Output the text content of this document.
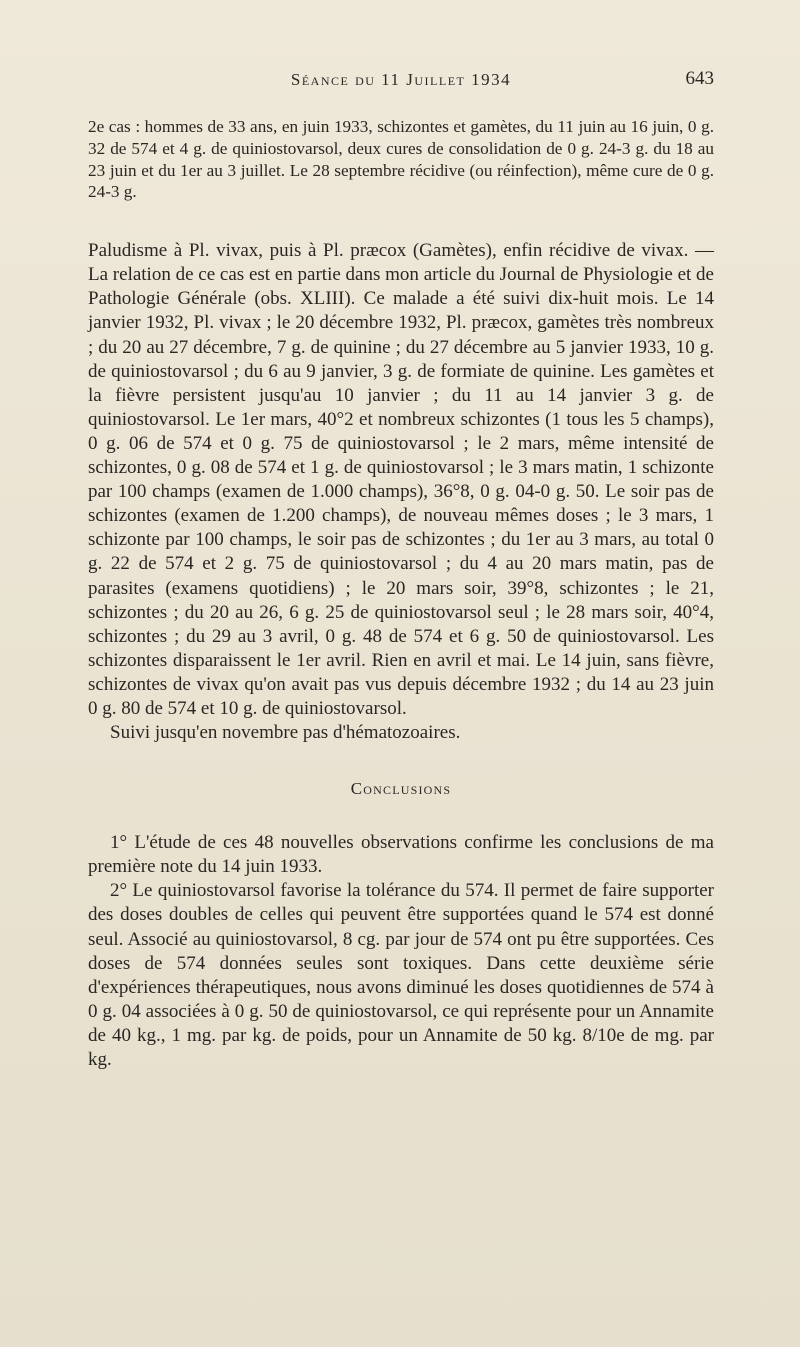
Séance du 11 Juillet 1934	643

2e cas : hommes de 33 ans, en juin 1933, schizontes et gamètes, du 11 juin au 16 juin, 0 g. 32 de 574 et 4 g. de quiniostovarsol, deux cures de consolidation de 0 g. 24-3 g. du 18 au 23 juin et du 1er au 3 juillet. Le 28 septembre récidive (ou réinfection), même cure de 0 g. 24-3 g.

Paludisme à Pl. vivax, puis à Pl. præcox (Gamètes), enfin récidive de vivax. — La relation de ce cas est en partie dans mon article du Journal de Physiologie et de Pathologie Générale (obs. XLIII). Ce malade a été suivi dix-huit mois. Le 14 janvier 1932, Pl. vivax ; le 20 décembre 1932, Pl. præcox, gamètes très nombreux ; du 20 au 27 décembre, 7 g. de quinine ; du 27 décembre au 5 janvier 1933, 10 g. de quiniostovarsol ; du 6 au 9 janvier, 3 g. de formiate de quinine. Les gamètes et la fièvre persistent jusqu'au 10 janvier ; du 11 au 14 janvier 3 g. de quiniostovarsol. Le 1er mars, 40°2 et nombreux schizontes (1 tous les 5 champs), 0 g. 06 de 574 et 0 g. 75 de quiniostovarsol ; le 2 mars, même intensité de schizontes, 0 g. 08 de 574 et 1 g. de quiniostovarsol ; le 3 mars matin, 1 schizonte par 100 champs (examen de 1.000 champs), 36°8, 0 g. 04-0 g. 50. Le soir pas de schizontes (examen de 1.200 champs), de nouveau mêmes doses ; le 3 mars, 1 schizonte par 100 champs, le soir pas de schizontes ; du 1er au 3 mars, au total 0 g. 22 de 574 et 2 g. 75 de quiniostovarsol ; du 4 au 20 mars matin, pas de parasites (examens quotidiens) ; le 20 mars soir, 39°8, schizontes ; le 21, schizontes ; du 20 au 26, 6 g. 25 de quiniostovarsol seul ; le 28 mars soir, 40°4, schizontes ; du 29 au 3 avril, 0 g. 48 de 574 et 6 g. 50 de quiniostovarsol. Les schizontes disparaissent le 1er avril. Rien en avril et mai. Le 14 juin, sans fièvre, schizontes de vivax qu'on avait pas vus depuis décembre 1932 ; du 14 au 23 juin 0 g. 80 de 574 et 10 g. de quiniostovarsol.

Suivi jusqu'en novembre pas d'hématozoaires.

Conclusions

1° L'étude de ces 48 nouvelles observations confirme les conclusions de ma première note du 14 juin 1933.

2° Le quiniostovarsol favorise la tolérance du 574. Il permet de faire supporter des doses doubles de celles qui peuvent être supportées quand le 574 est donné seul. Associé au quiniostovarsol, 8 cg. par jour de 574 ont pu être supportées. Ces doses de 574 données seules sont toxiques. Dans cette deuxième série d'expériences thérapeutiques, nous avons diminué les doses quotidiennes de 574 à 0 g. 04 associées à 0 g. 50 de quiniostovarsol, ce qui représente pour un Annamite de 40 kg., 1 mg. par kg. de poids, pour un Annamite de 50 kg. 8/10e de mg. par kg.
